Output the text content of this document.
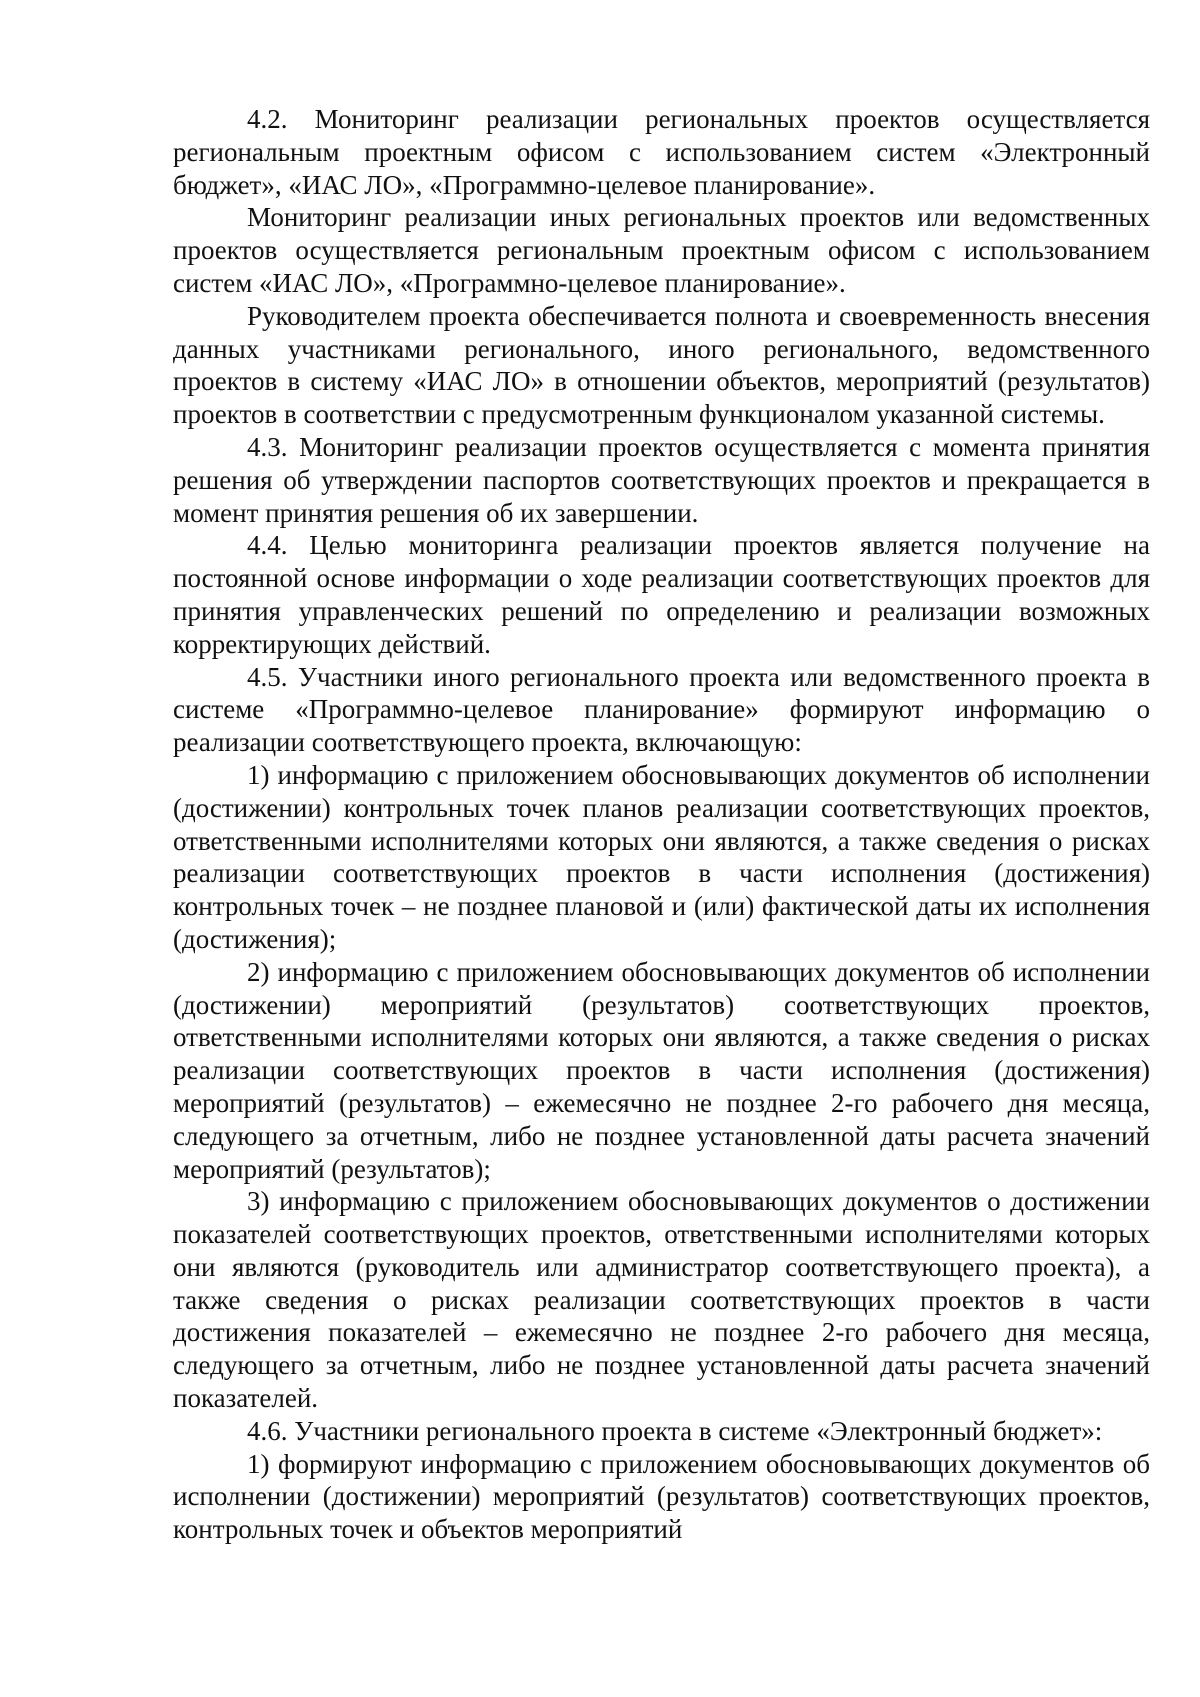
4.2. Мониторинг реализации региональных проектов осуществляется региональным проектным офисом с использованием систем «Электронный бюджет», «ИАС ЛО», «Программно-целевое планирование».

Мониторинг реализации иных региональных проектов или ведомственных проектов осуществляется региональным проектным офисом с использованием систем «ИАС ЛО», «Программно-целевое планирование».

Руководителем проекта обеспечивается полнота и своевременность внесения данных участниками регионального, иного регионального, ведомственного проектов в систему «ИАС ЛО» в отношении объектов, мероприятий (результатов) проектов в соответствии с предусмотренным функционалом указанной системы.

4.3. Мониторинг реализации проектов осуществляется с момента принятия решения об утверждении паспортов соответствующих проектов и прекращается в момент принятия решения об их завершении.

4.4. Целью мониторинга реализации проектов является получение на постоянной основе информации о ходе реализации соответствующих проектов для принятия управленческих решений по определению и реализации возможных корректирующих действий.

4.5. Участники иного регионального проекта или ведомственного проекта в системе «Программно-целевое планирование» формируют информацию о реализации соответствующего проекта, включающую:

1) информацию с приложением обосновывающих документов об исполнении (достижении) контрольных точек планов реализации соответствующих проектов, ответственными исполнителями которых они являются, а также сведения о рисках реализации соответствующих проектов в части исполнения (достижения) контрольных точек – не позднее плановой и (или) фактической даты их исполнения (достижения);

2) информацию с приложением обосновывающих документов об исполнении (достижении) мероприятий (результатов) соответствующих проектов, ответственными исполнителями которых они являются, а также сведения о рисках реализации соответствующих проектов в части исполнения (достижения) мероприятий (результатов) – ежемесячно не позднее 2-го рабочего дня месяца, следующего за отчетным, либо не позднее установленной даты расчета значений мероприятий (результатов);

3) информацию с приложением обосновывающих документов о достижении показателей соответствующих проектов, ответственными исполнителями которых они являются (руководитель или администратор соответствующего проекта), а также сведения о рисках реализации соответствующих проектов в части достижения показателей – ежемесячно не позднее 2-го рабочего дня месяца, следующего за отчетным, либо не позднее установленной даты расчета значений показателей.

4.6. Участники регионального проекта в системе «Электронный бюджет»:

1) формируют информацию с приложением обосновывающих документов об исполнении (достижении) мероприятий (результатов) соответствующих проектов, контрольных точек и объектов мероприятий
